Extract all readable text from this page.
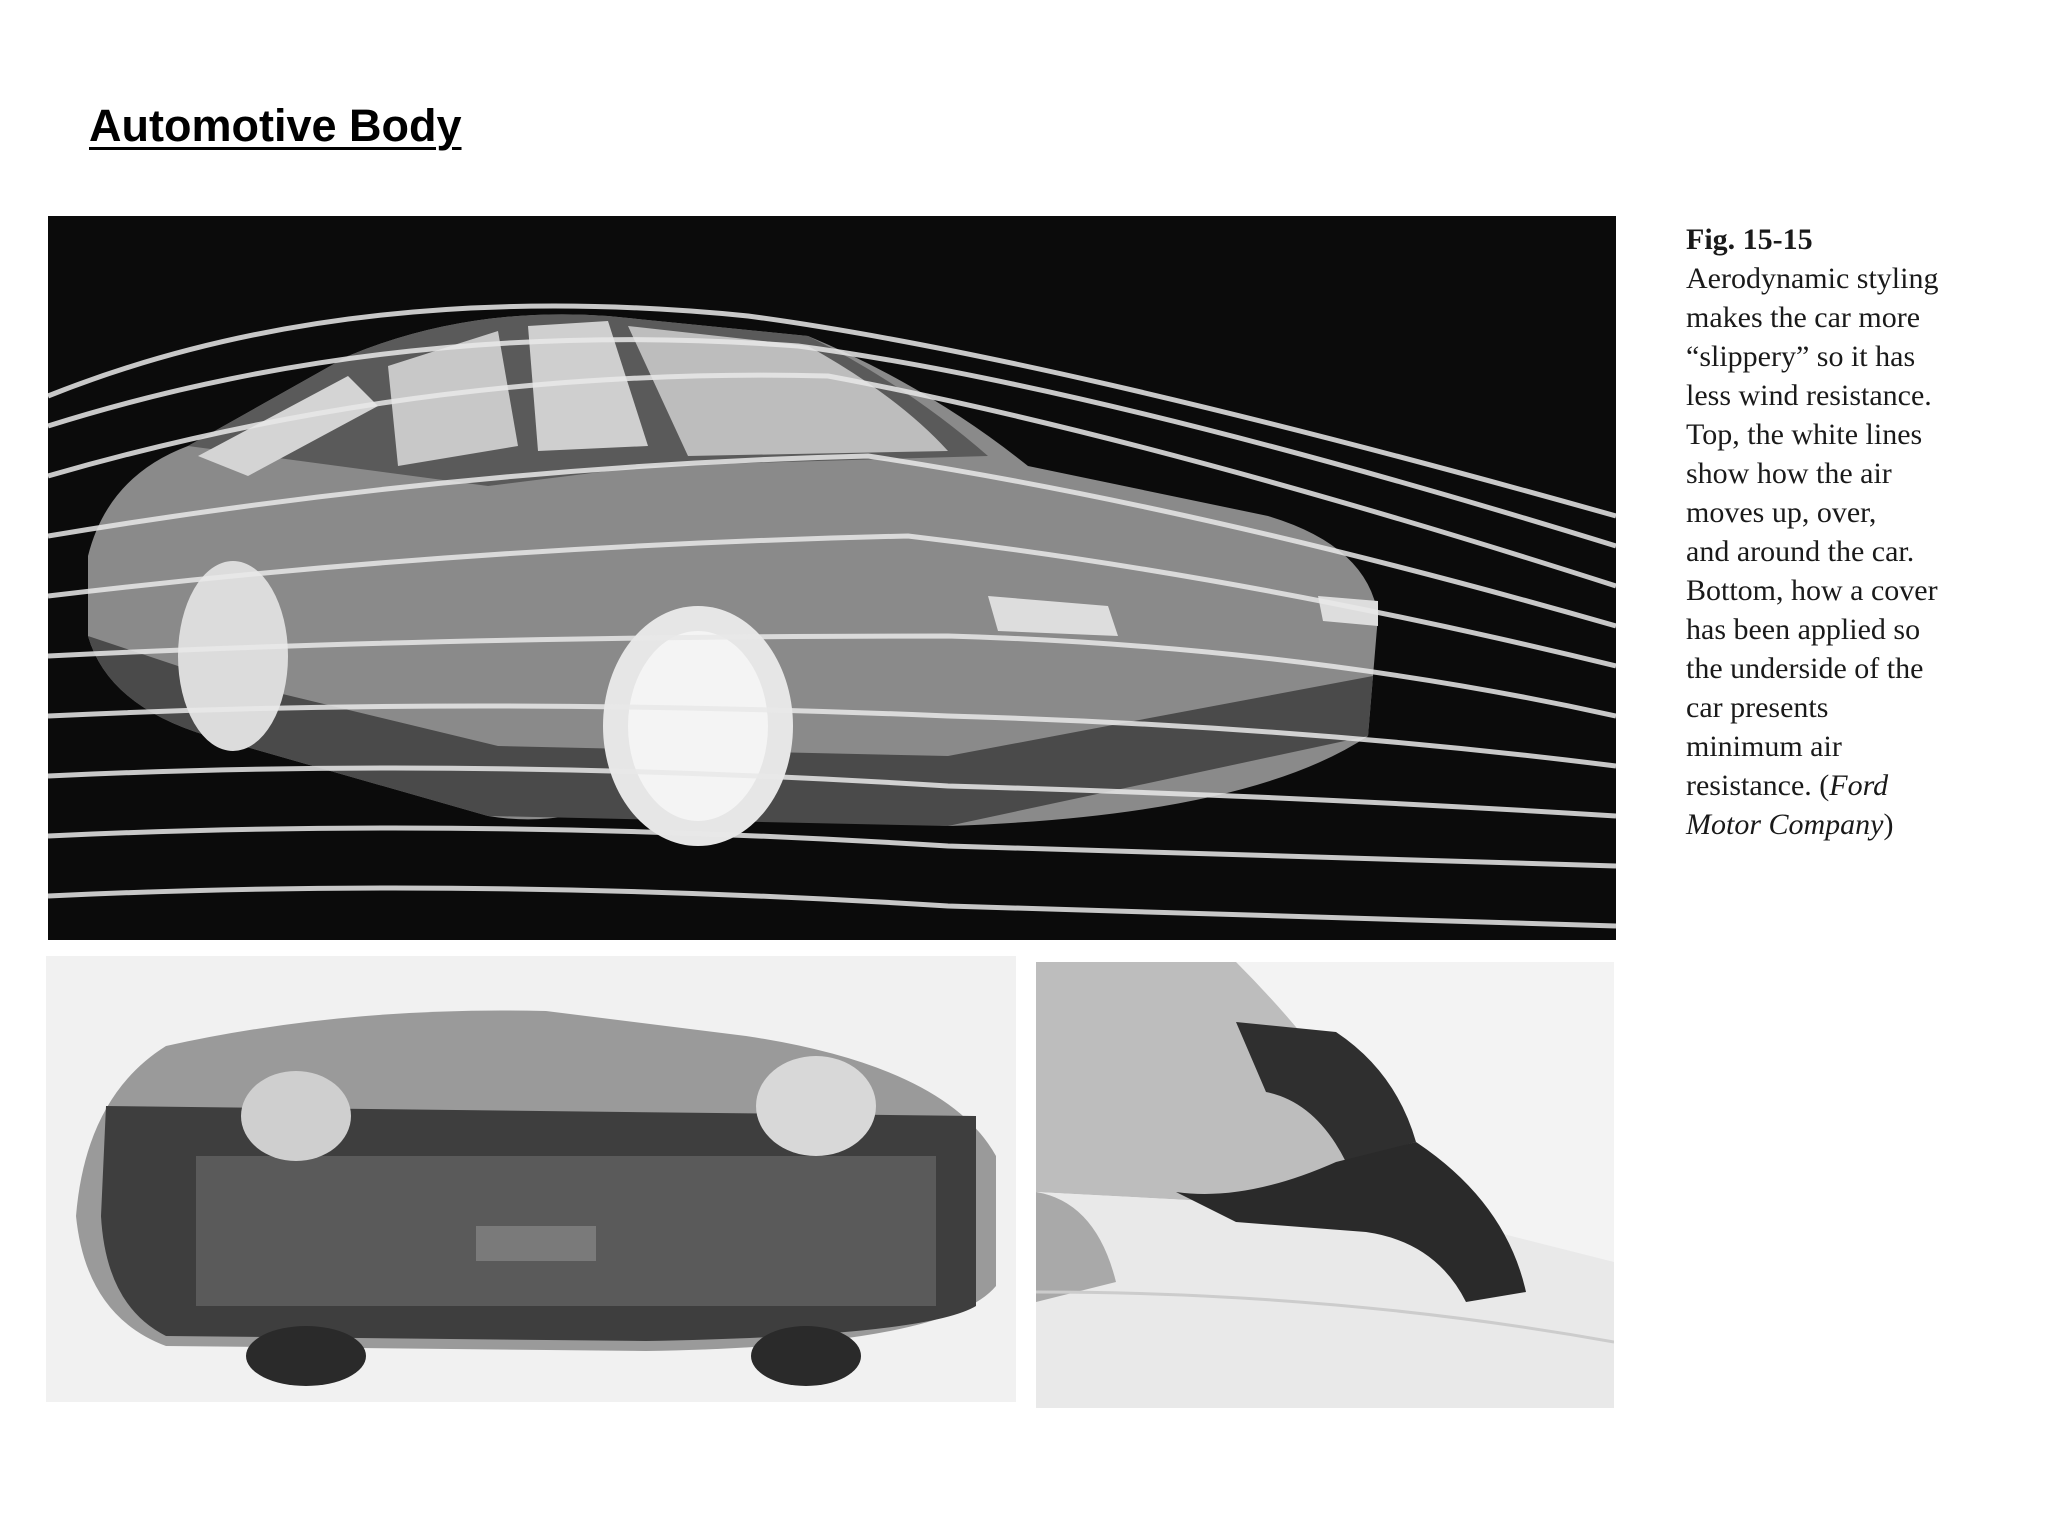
Automotive Body
Fig. 15-15
Aerodynamic styling
makes the car more
“slippery” so it has
less wind resistance.
Top, the white lines
show how the air
moves up, over,
and around the car.
Bottom, how a cover
has been applied so
the underside of the
car presents
minimum air
resistance. (Ford
Motor Company)
